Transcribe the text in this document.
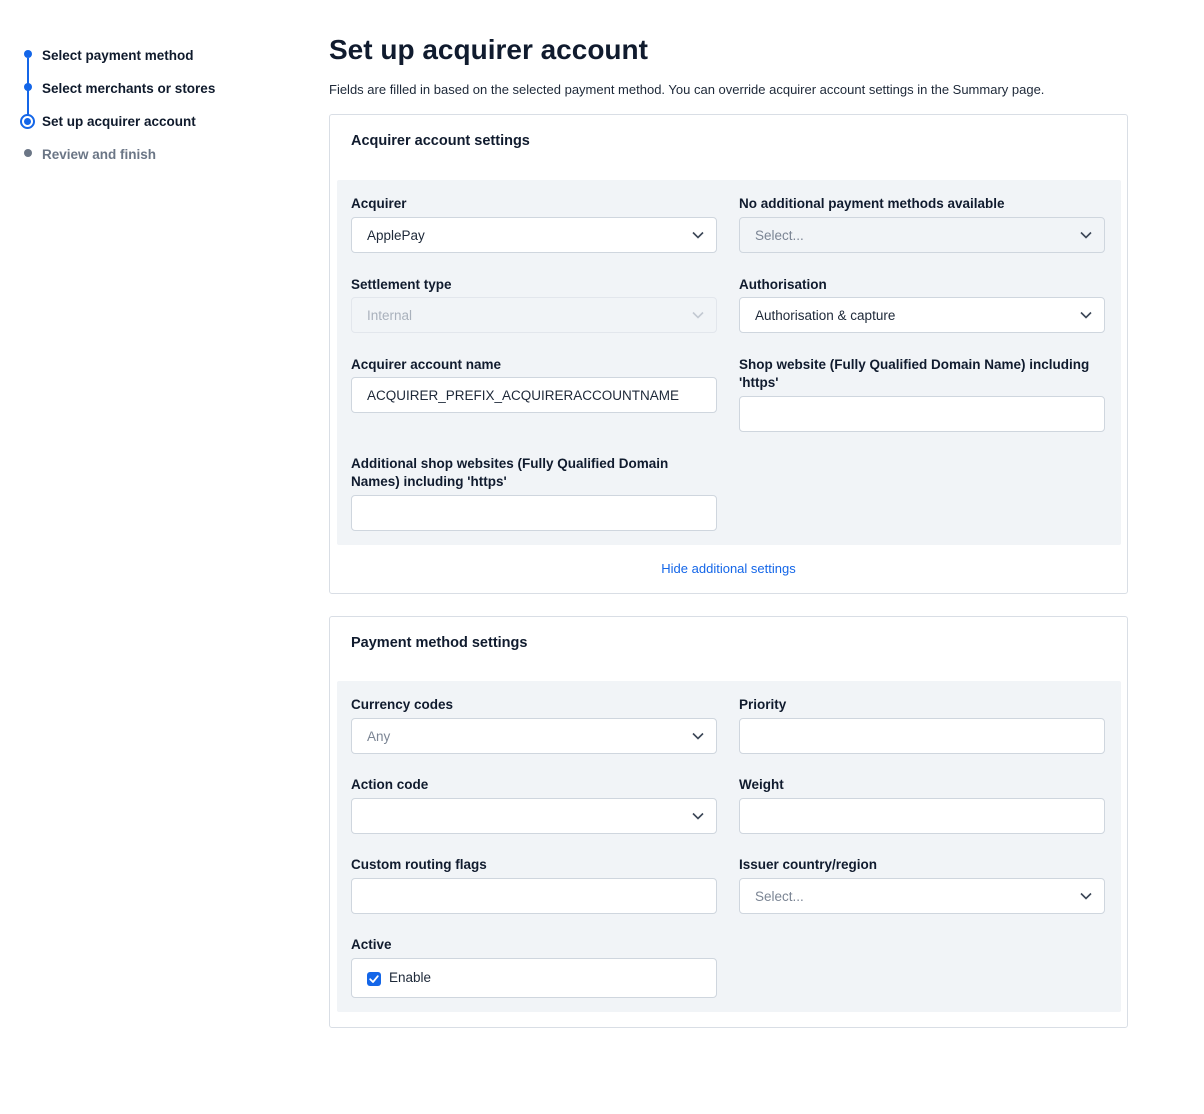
Select payment method
Select merchants or stores
Set up acquirer account
Review and finish
Set up acquirer account

Fields are filled in based on the selected payment method. You can override acquirer account settings in the Summary page.

Acquirer account settings
Acquirer
ApplePay
No additional payment methods available
Select...
Settlement type
Internal
Authorisation
Authorisation & capture
Acquirer account name
ACQUIRER_PREFIX_ACQUIRERACCOUNTNAME
Shop website (Fully Qualified Domain Name) including 'https'
Additional shop websites (Fully Qualified Domain Names) including 'https'
Hide additional settings
Payment method settings
Currency codes
Any
Priority
Action code	Weight
Custom routing flags	Issuer country/region
Select...
Active
Enable
